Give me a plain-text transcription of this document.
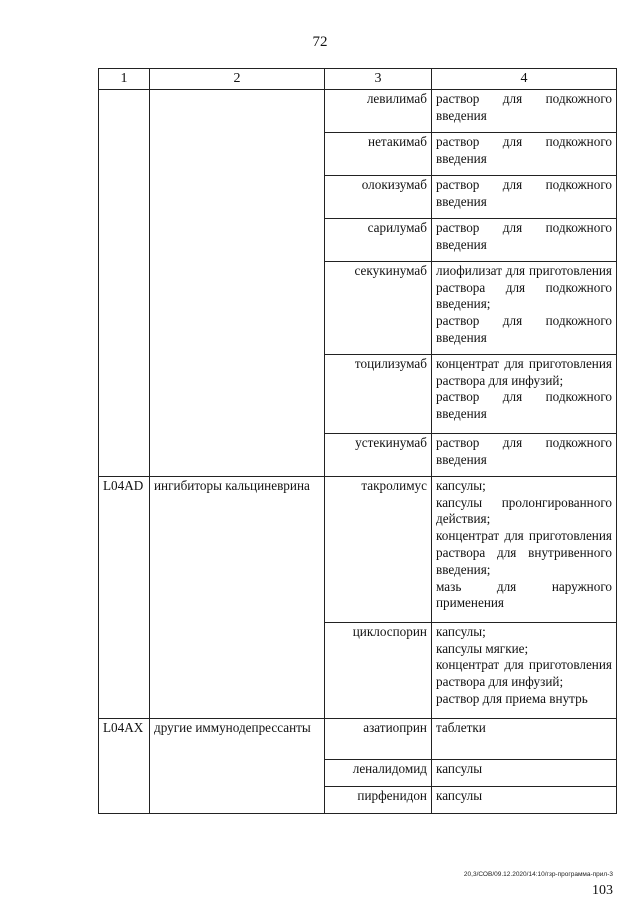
72
1	2	3	4
		левилимаб	раствор для подкожного введения

		нетакимаб	раствор для подкожного введения

		олокизумаб	раствор для подкожного введения

		сарилумаб	раствор для подкожного введения

		секукинумаб	лиофилизат для приготовления раствора для подкожного введения;
раствор для подкожного введения

		тоцилизумаб	концентрат для приготовления раствора для инфузий;
раствор для подкожного введения

		устекинумаб	раствор для подкожного введения

L04AD	ингибиторы кальциневрина	такролимус	капсулы;
капсулы пролонгированного действия;
концентрат для приготовления раствора для внутривенного введения;
мазь для наружного применения

		циклоспорин	капсулы;
капсулы мягкие;
концентрат для приготовления раствора для инфузий;
раствор для приема внутрь

L04AX	другие иммунодепрессанты	азатиоприн	таблетки

		леналидомид	капсулы

		пирфенидон	капсулы
20,3/СОВ/09.12.2020/14:10/гзр-программа-прил-3
103
